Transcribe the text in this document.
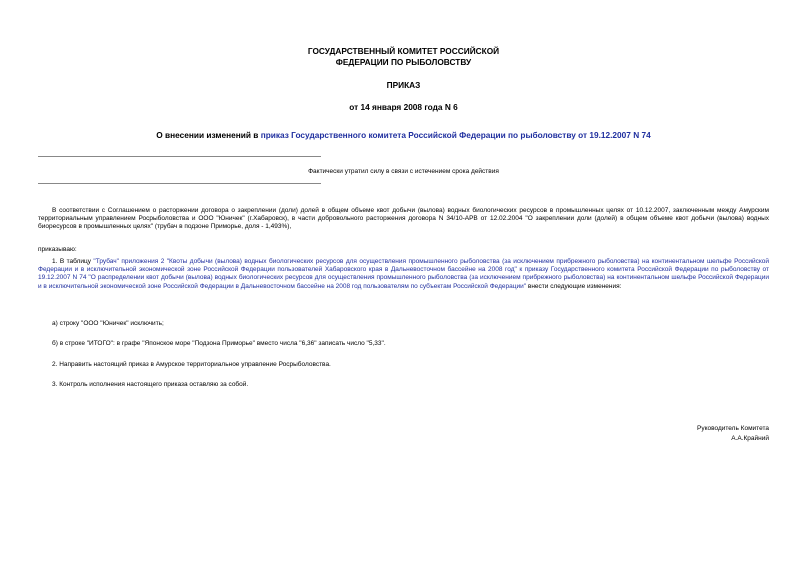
ГОСУДАРСТВЕННЫЙ КОМИТЕТ РОССИЙСКОЙ
ФЕДЕРАЦИИ ПО РЫБОЛОВСТВУ
ПРИКАЗ
от 14 января 2008 года N 6
О внесении изменений в приказ Государственного комитета Российской Федерации по рыболовству от 19.12.2007 N 74
Фактически утратил силу в связи с истечением срока действия
В соответствии с Соглашением о расторжении договора о закреплении (доли) долей в общем объеме квот добычи (вылова) водных биологических ресурсов в промышленных целях от 10.12.2007, заключенным между Амурским территориальным управлением Росрыболовства и ООО "Юничек" (г.Хабаровск), в части добровольного расторжения договора N 34/10-АРВ от 12.02.2004 "О закреплении доли (долей) в общем объеме квот добычи (вылова) водных биоресурсов в промышленных целях" (трубач в подзоне Приморье, доля - 1,493%),
приказываю:
1. В таблицу "Трубач" приложения 2 "Квоты добычи (вылова) водных биологических ресурсов для осуществления промышленного рыболовства (за исключением прибрежного рыболовства) на континентальном шельфе Российской Федерации и в исключительной экономической зоне Российской Федерации пользователей Хабаровского края в Дальневосточном бассейне на 2008 год" к приказу Государственного комитета Российской Федерации по рыболовству от 19.12.2007 N 74 "О распределении квот добычи (вылова) водных биологических ресурсов для осуществления промышленного рыболовства (за исключением прибрежного рыболовства) на континентальном шельфе Российской Федерации и в исключительной экономической зоне Российской Федерации в Дальневосточном бассейне на 2008 год пользователям по субъектам Российской Федерации" внести следующие изменения:
а) строку "ООО "Юничек" исключить;
б) в строке "ИТОГО": в графе "Японское море "Подзона Приморье" вместо числа "6,36" записать число "5,33".
2. Направить настоящий приказ в Амурское территориальное управление Росрыболовства.
3. Контроль исполнения настоящего приказа оставляю за собой.
Руководитель Комитета
А.А.Крайний
